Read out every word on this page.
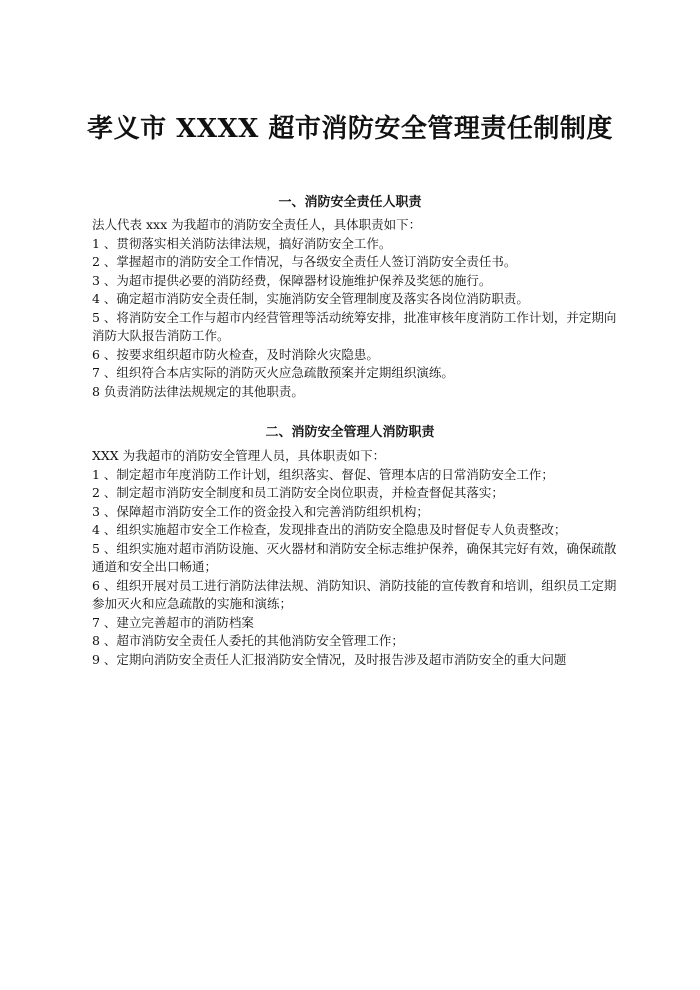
孝义市 XXXX 超市消防安全管理责任制制度
一、消防安全责任人职责

法人代表 xxx 为我超市的消防安全责任人，具体职责如下：

1 、贯彻落实相关消防法律法规，搞好消防安全工作。

2 、掌握超市的消防安全工作情况，与各级安全责任人签订消防安全责任书。

3 、为超市提供必要的消防经费，保障器材设施维护保养及奖惩的施行。

4 、确定超市消防安全责任制，实施消防安全管理制度及落实各岗位消防职责。

5 、将消防安全工作与超市内经营管理等活动统筹安排，批准审核年度消防工作计划，并定期向消防大队报告消防工作。

6 、按要求组织超市防火检查，及时消除火灾隐患。

7 、组织符合本店实际的消防灭火应急疏散预案并定期组织演练。

8 负责消防法律法规规定的其他职责。

二、消防安全管理人消防职责

XXX 为我超市的消防安全管理人员，具体职责如下：

1 、制定超市年度消防工作计划，组织落实、督促、管理本店的日常消防安全工作；

2 、制定超市消防安全制度和员工消防安全岗位职责，并检查督促其落实；

3 、保障超市消防安全工作的资金投入和完善消防组织机构；

4 、组织实施超市安全工作检查，发现排查出的消防安全隐患及时督促专人负责整改；

5 、组织实施对超市消防设施、灭火器材和消防安全标志维护保养，确保其完好有效，确保疏散通道和安全出口畅通；

6 、组织开展对员工进行消防法律法规、消防知识、消防技能的宣传教育和培训，组织员工定期参加灭火和应急疏散的实施和演练；

7 、建立完善超市的消防档案

8 、超市消防安全责任人委托的其他消防安全管理工作；

9 、定期向消防安全责任人汇报消防安全情况，及时报告涉及超市消防安全的重大问题
